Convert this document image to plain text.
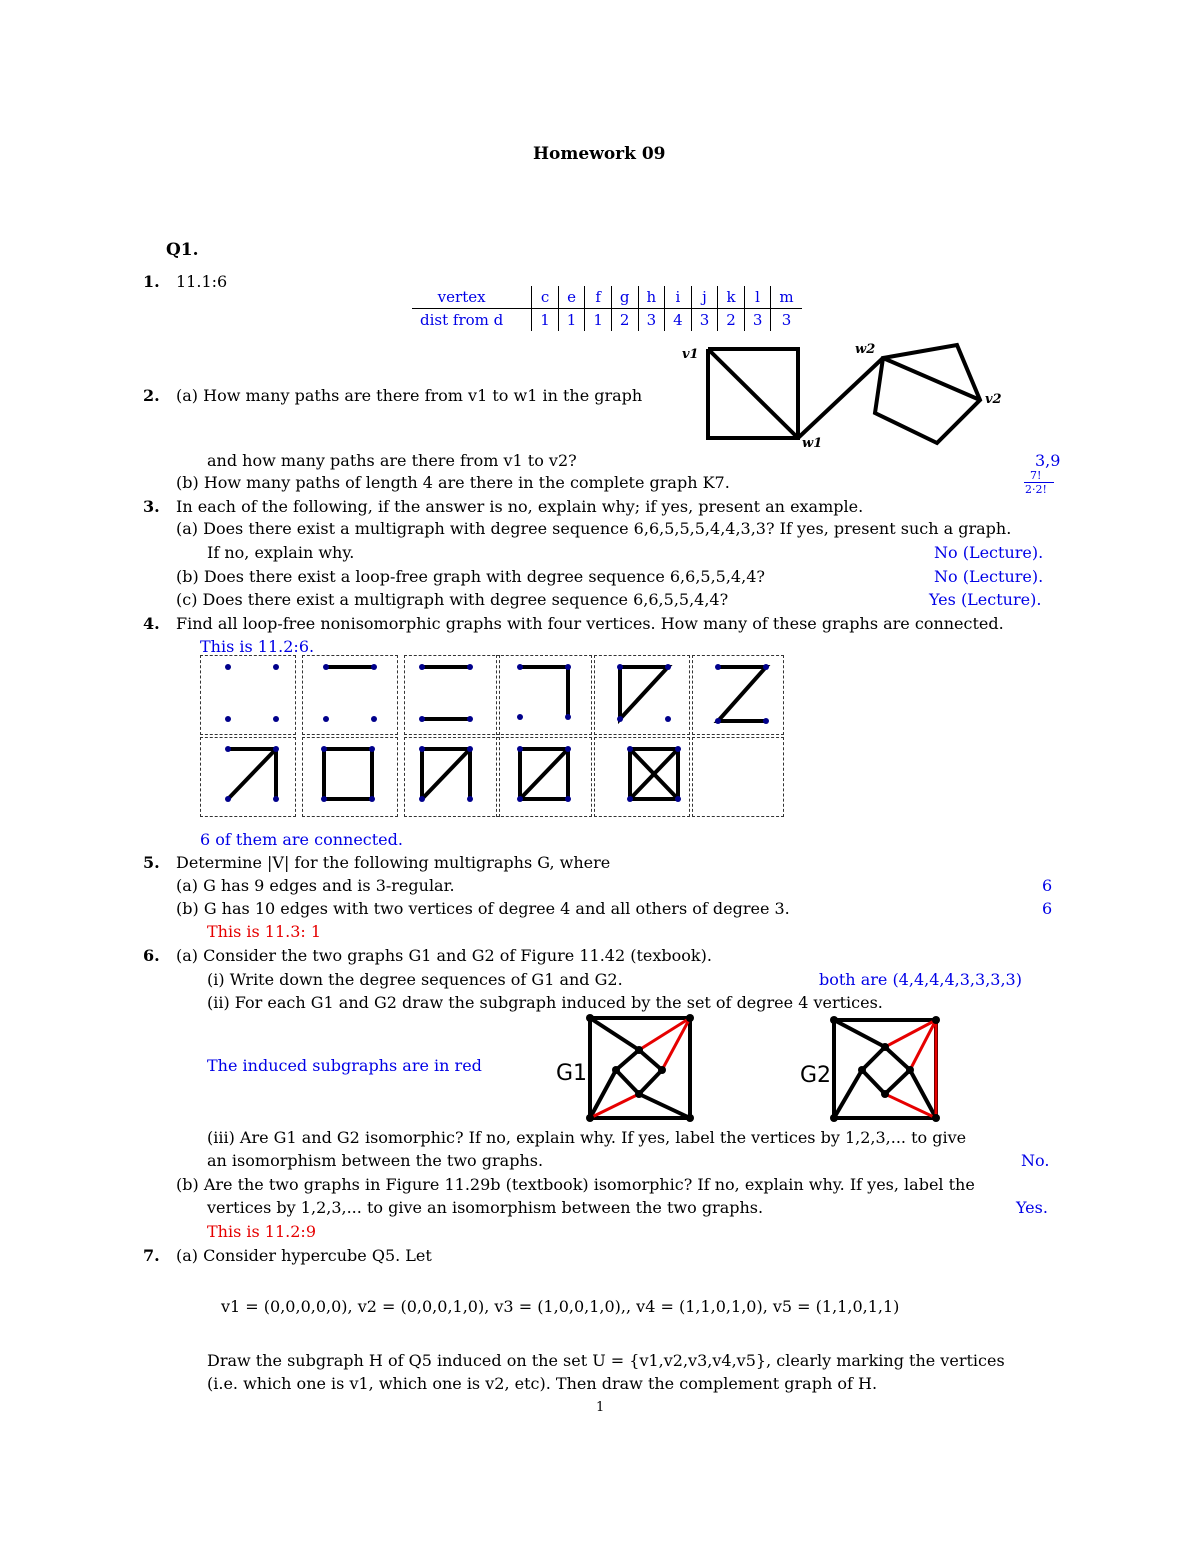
Homework 09
Q1.
1. 11.1:6
vertex	c	e	f	g	h	i	j	k	l	m
dist from d	1	1	1	2	3	4	3	2	3	3
v1
w1
w2
v2
2. (a) How many paths are there from v1 to w1 in the graph
and how many paths are there from v1 to v2?	3,9
(b) How many paths of length 4 are there in the complete graph K7.	7!
2·2!
3. In each of the following, if the answer is no, explain why; if yes, present an example.
(a) Does there exist a multigraph with degree sequence 6,6,5,5,5,4,4,3,3? If yes, present such a graph.
If no, explain why.	No (Lecture).
(b) Does there exist a loop-free graph with degree sequence 6,6,5,5,4,4?	No (Lecture).
(c) Does there exist a multigraph with degree sequence 6,6,5,5,4,4?	Yes (Lecture).
4. Find all loop-free nonisomorphic graphs with four vertices. How many of these graphs are connected.
This is 11.2:6.
6 of them are connected.
5. Determine |V| for the following multigraphs G, where
(a) G has 9 edges and is 3-regular.	6
(b) G has 10 edges with two vertices of degree 4 and all others of degree 3.	6
This is 11.3: 1
6. (a) Consider the two graphs G1 and G2 of Figure 11.42 (texbook).
(i) Write down the degree sequences of G1 and G2.	both are (4,4,4,4,3,3,3,3)
(ii) For each G1 and G2 draw the subgraph induced by the set of degree 4 vertices.
The induced subgraphs are in red	G1	G2
(iii) Are G1 and G2 isomorphic? If no, explain why. If yes, label the vertices by 1,2,3,... to give
an isomorphism between the two graphs.	No.
(b) Are the two graphs in Figure 11.29b (textbook) isomorphic? If no, explain why. If yes, label the
vertices by 1,2,3,... to give an isomorphism between the two graphs.	Yes.
This is 11.2:9
7. (a) Consider hypercube Q5. Let
v1 = (0,0,0,0,0), v2 = (0,0,0,1,0), v3 = (1,0,0,1,0),, v4 = (1,1,0,1,0), v5 = (1,1,0,1,1)
Draw the subgraph H of Q5 induced on the set U = {v1,v2,v3,v4,v5}, clearly marking the vertices
(i.e. which one is v1, which one is v2, etc). Then draw the complement graph of H.
1
